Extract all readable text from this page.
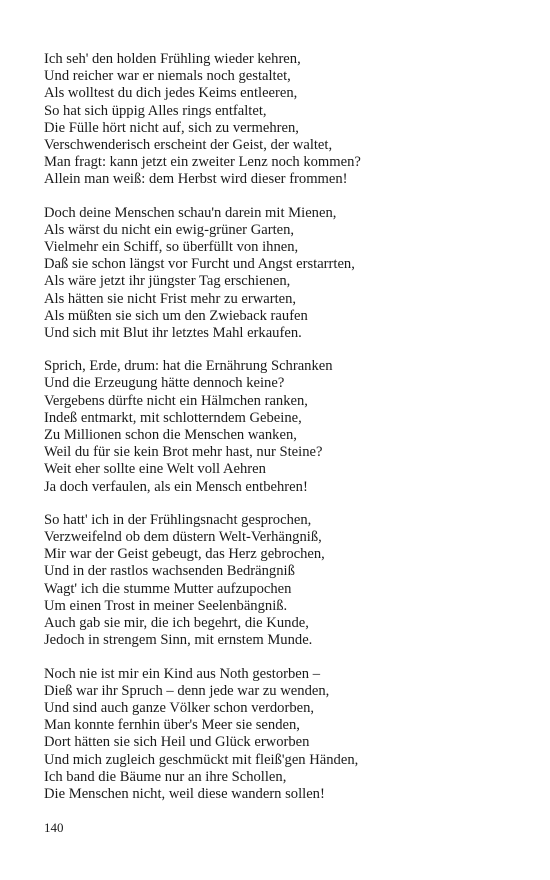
Ich seh' den holden Frühling wieder kehren,
Und reicher war er niemals noch gestaltet,
Als wolltest du dich jedes Keims entleeren,
So hat sich üppig Alles rings entfaltet,
Die Fülle hört nicht auf, sich zu vermehren,
Verschwenderisch erscheint der Geist, der waltet,
Man fragt: kann jetzt ein zweiter Lenz noch kommen?
Allein man weiß: dem Herbst wird dieser frommen!
Doch deine Menschen schau'n darein mit Mienen,
Als wärst du nicht ein ewig-grüner Garten,
Vielmehr ein Schiff, so überfüllt von ihnen,
Daß sie schon längst vor Furcht und Angst erstarrten,
Als wäre jetzt ihr jüngster Tag erschienen,
Als hätten sie nicht Frist mehr zu erwarten,
Als müßten sie sich um den Zwieback raufen
Und sich mit Blut ihr letztes Mahl erkaufen.
Sprich, Erde, drum: hat die Ernährung Schranken
Und die Erzeugung hätte dennoch keine?
Vergebens dürfte nicht ein Hälmchen ranken,
Indeß entmarkt, mit schlotterndem Gebeine,
Zu Millionen schon die Menschen wanken,
Weil du für sie kein Brot mehr hast, nur Steine?
Weit eher sollte eine Welt voll Aehren
Ja doch verfaulen, als ein Mensch entbehren!
So hatt' ich in der Frühlingsnacht gesprochen,
Verzweifelnd ob dem düstern Welt-Verhängniß,
Mir war der Geist gebeugt, das Herz gebrochen,
Und in der rastlos wachsenden Bedrängniß
Wagt' ich die stumme Mutter aufzupochen
Um einen Trost in meiner Seelenbängniß.
Auch gab sie mir, die ich begehrt, die Kunde,
Jedoch in strengem Sinn, mit ernstem Munde.
Noch nie ist mir ein Kind aus Noth gestorben –
Dieß war ihr Spruch – denn jede war zu wenden,
Und sind auch ganze Völker schon verdorben,
Man konnte fernhin über's Meer sie senden,
Dort hätten sie sich Heil und Glück erworben
Und mich zugleich geschmückt mit fleiß'gen Händen,
Ich band die Bäume nur an ihre Schollen,
Die Menschen nicht, weil diese wandern sollen!
140
